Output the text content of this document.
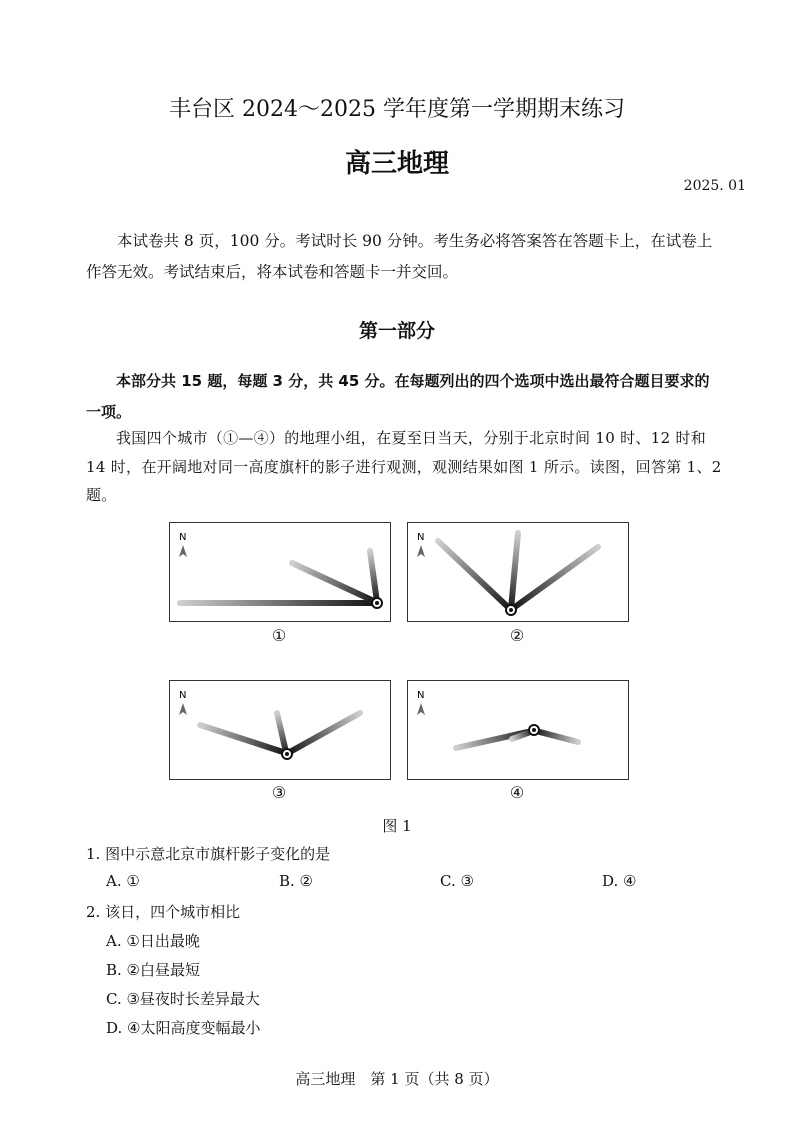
丰台区 2024～2025 学年度第一学期期末练习
高三地理
2025. 01
本试卷共 8 页，100 分。考试时长 90 分钟。考生务必将答案答在答题卡上，在试卷上作答无效。考试结束后，将本试卷和答题卡一并交回。
第一部分
本部分共 15 题，每题 3 分，共 45 分。在每题列出的四个选项中选出最符合题目要求的一项。
我国四个城市（①—④）的地理小组，在夏至日当天，分别于北京时间 10 时、12 时和 14 时，在开阔地对同一高度旗杆的影子进行观测，观测结果如图 1 所示。读图，回答第 1、2 题。
N
①
N
②
N
③
N
④
图 1
1. 图中示意北京市旗杆影子变化的是
A. ①	B. ②	C. ③	D. ④
2. 该日，四个城市相比
A. ①日出最晚
B. ②白昼最短
C. ③昼夜时长差异最大
D. ④太阳高度变幅最小
高三地理　第 1 页（共 8 页）
